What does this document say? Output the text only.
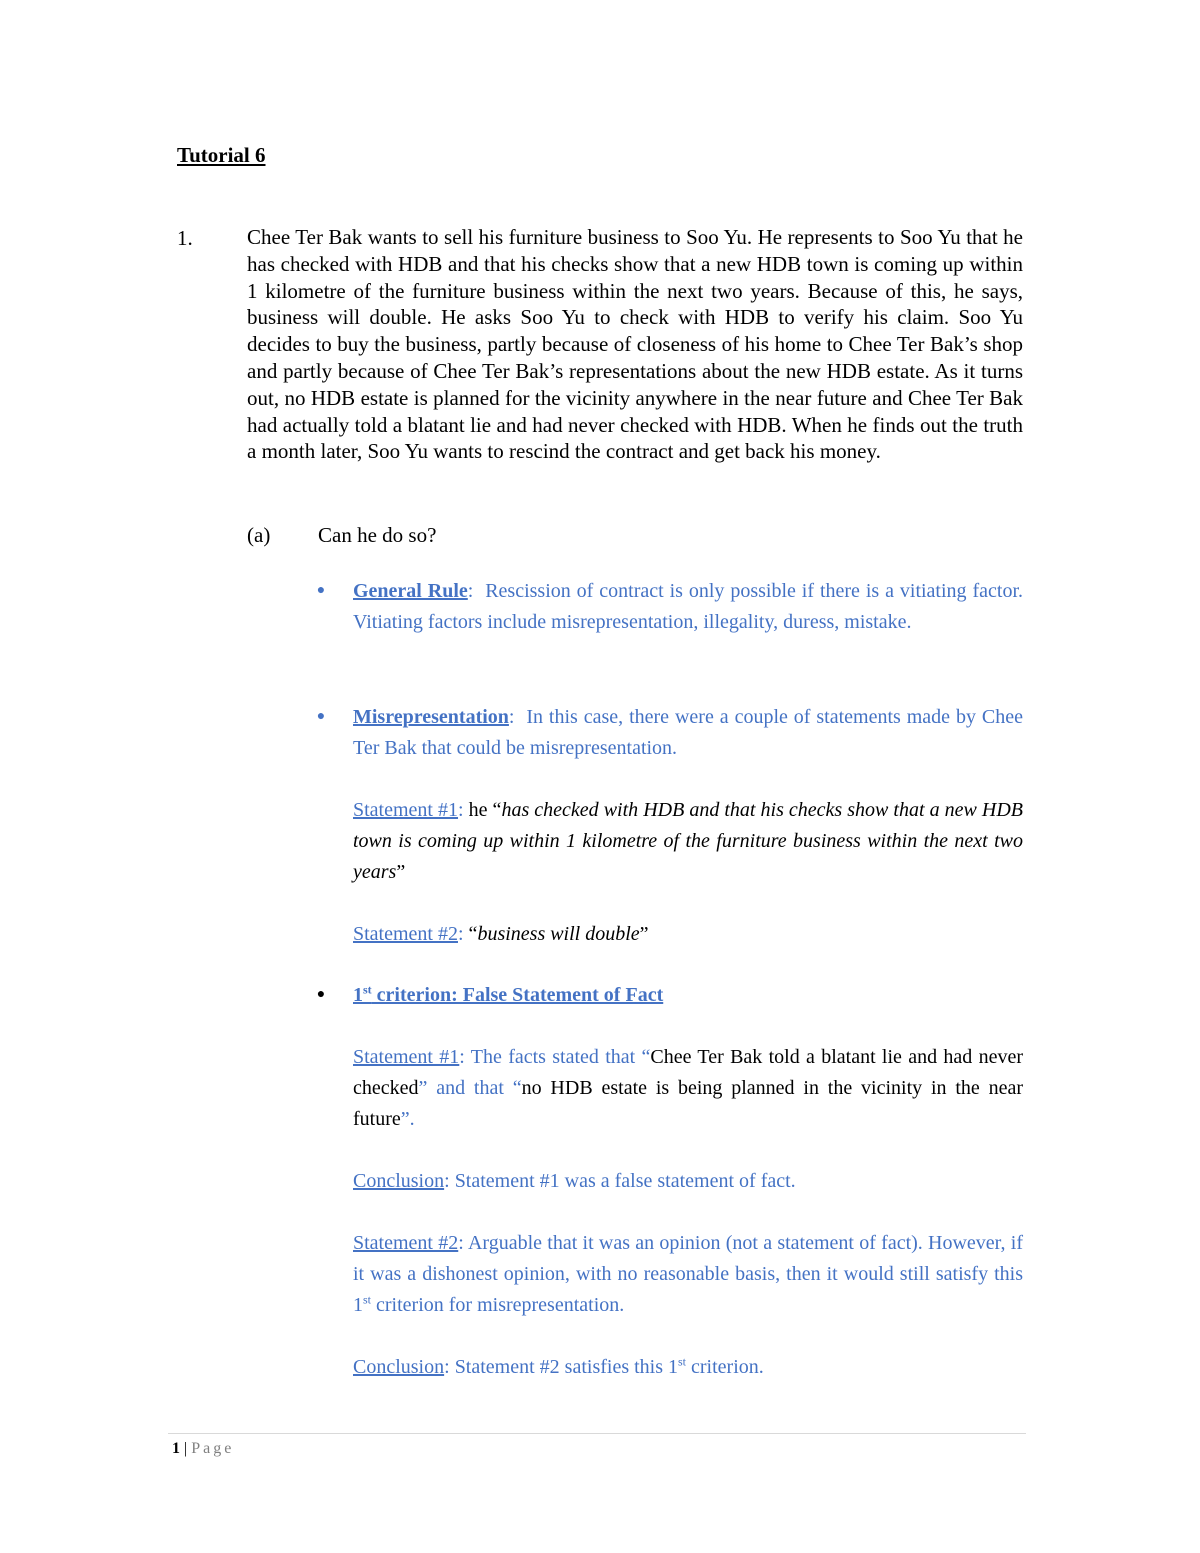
Tutorial 6
1.	Chee Ter Bak wants to sell his furniture business to Soo Yu. He represents to Soo Yu that he has checked with HDB and that his checks show that a new HDB town is coming up within 1 kilometre of the furniture business within the next two years. Because of this, he says, business will double. He asks Soo Yu to check with HDB to verify his claim. Soo Yu decides to buy the business, partly because of closeness of his home to Chee Ter Bak’s shop and partly because of Chee Ter Bak’s representations about the new HDB estate. As it turns out, no HDB estate is planned for the vicinity anywhere in the near future and Chee Ter Bak had actually told a blatant lie and had never checked with HDB. When he finds out the truth a month later, Soo Yu wants to rescind the contract and get back his money.

(a) Can he do so?
● General Rule:  Rescission of contract is only possible if there is a vitiating factor. Vitiating factors include misrepresentation, illegality, duress, mistake.

● Misrepresentation:  In this case, there were a couple of statements made by Chee Ter Bak that could be misrepresentation.

Statement #1: he “has checked with HDB and that his checks show that a new HDB town is coming up within 1 kilometre of the furniture business within the next two years”

Statement #2: “business will double”

● 1st criterion: False Statement of Fact

Statement #1: The facts stated that “Chee Ter Bak told a blatant lie and had never checked” and that “no HDB estate is being planned in the vicinity in the near future”.

Conclusion: Statement #1 was a false statement of fact.

Statement #2: Arguable that it was an opinion (not a statement of fact). However, if it was a dishonest opinion, with no reasonable basis, then it would still satisfy this 1st criterion for misrepresentation.

Conclusion: Statement #2 satisfies this 1st criterion.

1 | Page
